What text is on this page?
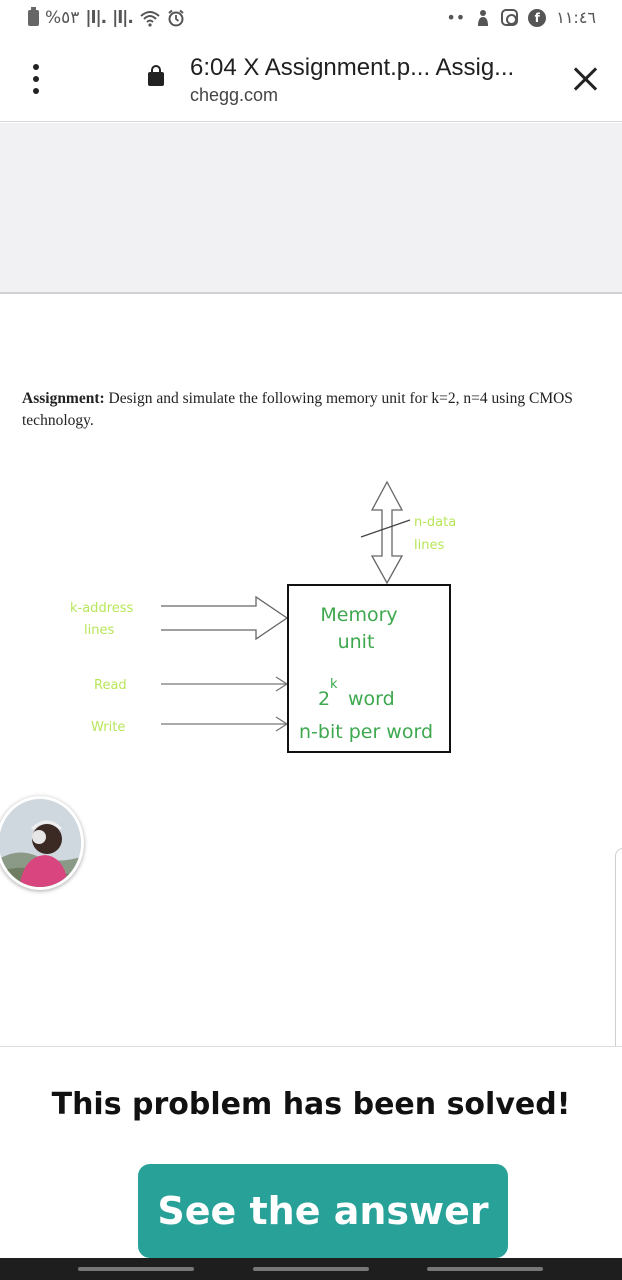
%٥٣ |l|. |l|.	••	f	١١:٤٦
6:04 X Assignment.p... Assig...
chegg.com
Assignment: Design and simulate the following memory unit for k=2, n=4 using CMOS technology.
n-data
lines
k-address
lines
Read
Write
Memory
unit
2
k
word
n-bit per word
This problem has been solved!
See the answer
